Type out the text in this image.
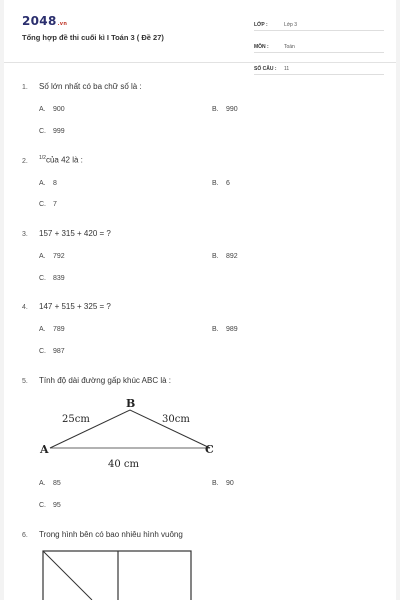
2048.vn
Tổng hợp đề thi cuối kì I Toán 3 ( Đề 27)
LỚP :	Lớp 3
MÔN :	Toán
SỐ CÂU :	11
1. Số lớn nhất có ba chữ số là :
A. 900	B. 990
C. 999
2. $^{1/2}$của 42 là :
A. 8	B. 6
C. 7
3. 157 + 315 + 420 = ?
A. 792	B. 892
C. 839
4. 147 + 515 + 325 = ?
A. 789	B. 989
C. 987
5. Tính độ dài đường gấp khúc ABC là :
B
A	C
25cm	30cm
40 cm
A. 85	B. 90
C. 95
6. Trong hình bên có bao nhiêu hình vuông
